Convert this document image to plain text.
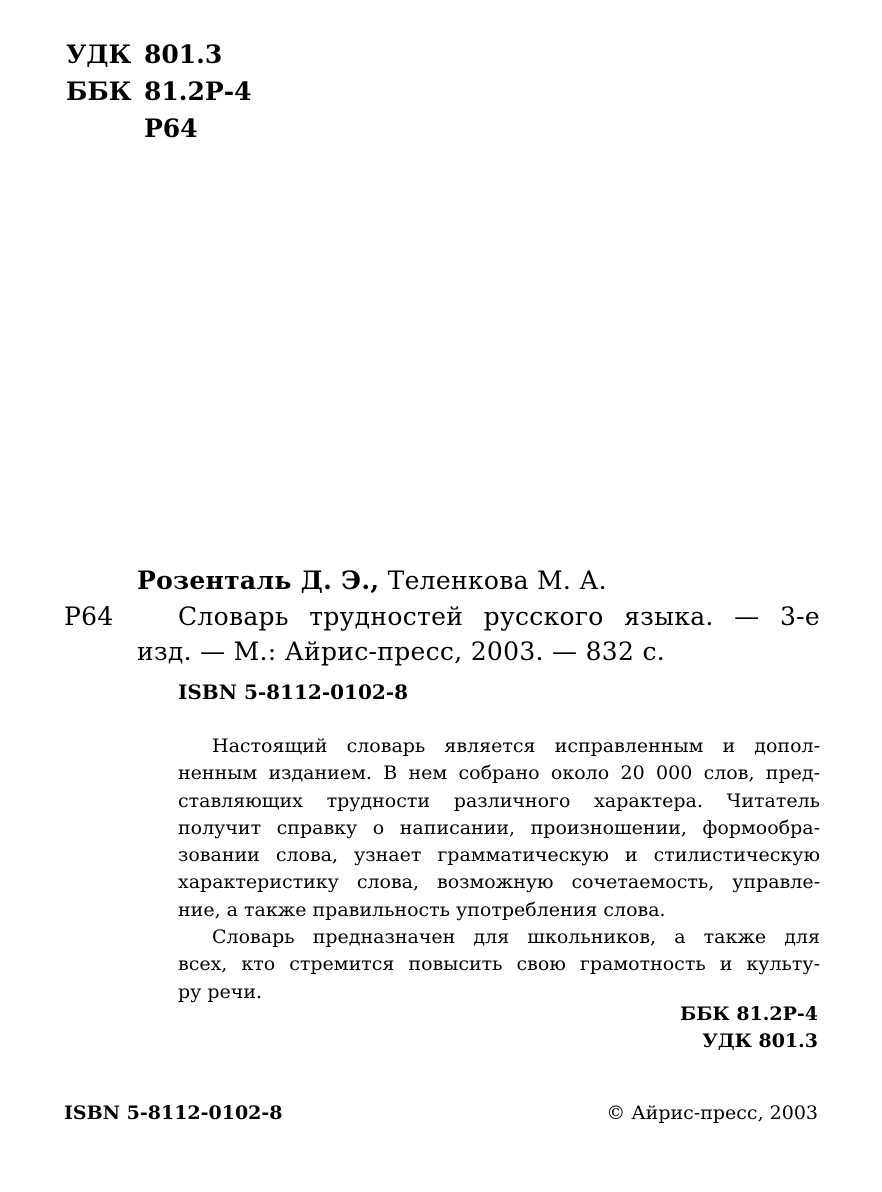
УДК 801.3
ББК 81.2Р-4
Р64
Розенталь Д. Э., Теленкова М. А.
Р64	Словарь трудностей русского языка. — 3-е
изд. — М.: Айрис-пресс, 2003. — 832 с.
ISBN 5-8112-0102-8
Настоящий словарь является исправленным и допол-
ненным изданием. В нем собрано около 20 000 слов, пред-
ставляющих трудности различного характера. Читатель
получит справку о написании, произношении, формообра-
зовании слова, узнает грамматическую и стилистическую
характеристику слова, возможную сочетаемость, управле-
ние, а также правильность употребления слова.
Словарь предназначен для школьников, а также для
всех, кто стремится повысить свою грамотность и культу-
ру речи.
ББК 81.2Р-4
УДК 801.3
ISBN 5-8112-0102-8	© Айрис-пресс, 2003
